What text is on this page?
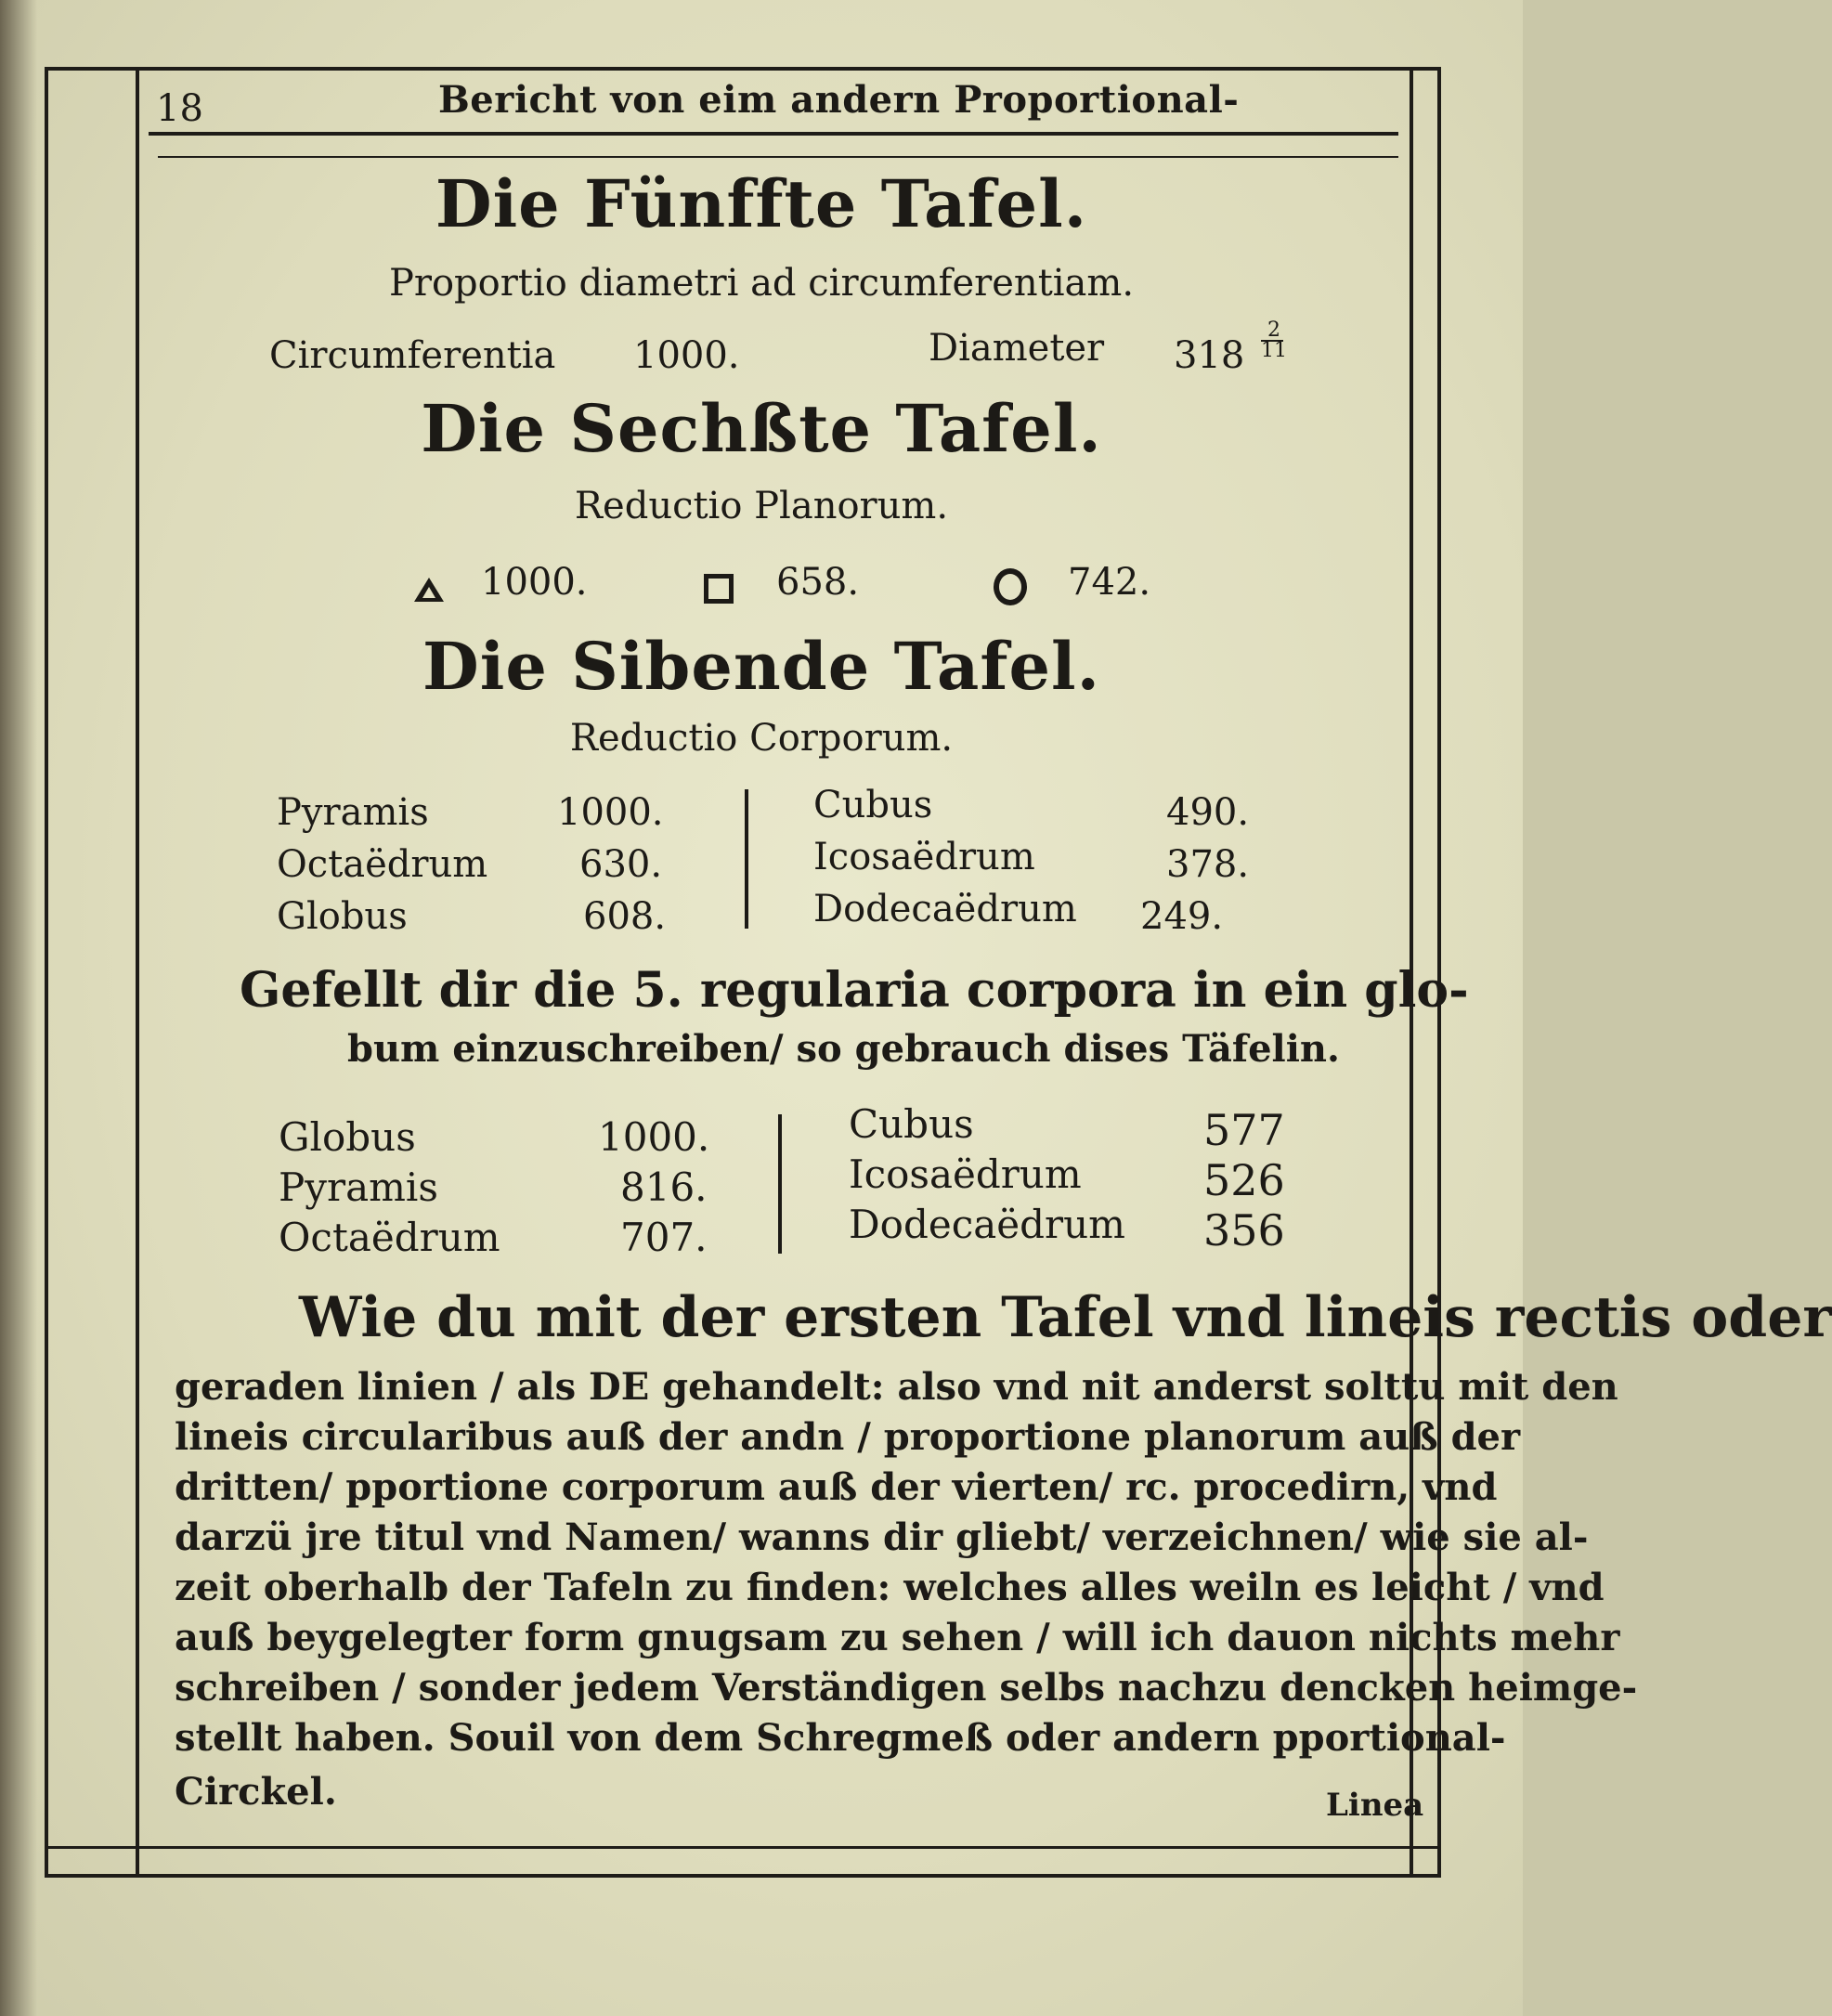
18	Bericht von eim andern Proportional-
Die Fünffte Tafel.
Proportio diametri ad circumferentiam.
Circumferentia 1000.	Diameter 318
2
11
Die Sechßte Tafel.
Reductio Planorum.
1000.	658.	742.
Die Sibende Tafel.
Reductio Corporum.
Pyramis	1000.
Octaëdrum 630.
Globus	608.
Cubus	490.
Icosaëdrum	378.
Dodecaëdrum 249.
Gefellt dir die 5. regularia corpora in ein glo-
bum einzuschreiben/ so gebrauch dises Täfelin.
Globus	1000.
Pyramis	816.
Octaëdrum	707.
Cubus	577
Icosaëdrum	526
Dodecaëdrum 356
Wie du mit der ersten Tafel vnd lineis rectis oder
geraden linien / als DE gehandelt: also vnd nit anderst solttu mit den
lineis circularibus auß der andn / proportione planorum auß der
dritten/ pportione corporum auß der vierten/ rc. procedirn, vnd
darzü jre titul vnd Namen/ wanns dir gliebt/ verzeichnen/ wie sie al-
zeit oberhalb der Tafeln zu finden: welches alles weiln es leicht / vnd
auß beygelegter form gnugsam zu sehen / will ich dauon nichts mehr
schreiben / sonder jedem Verständigen selbs nachzu dencken heimge-
stellt haben. Souil von dem Schregmeß oder andern pportional-
Circkel.	Linea
